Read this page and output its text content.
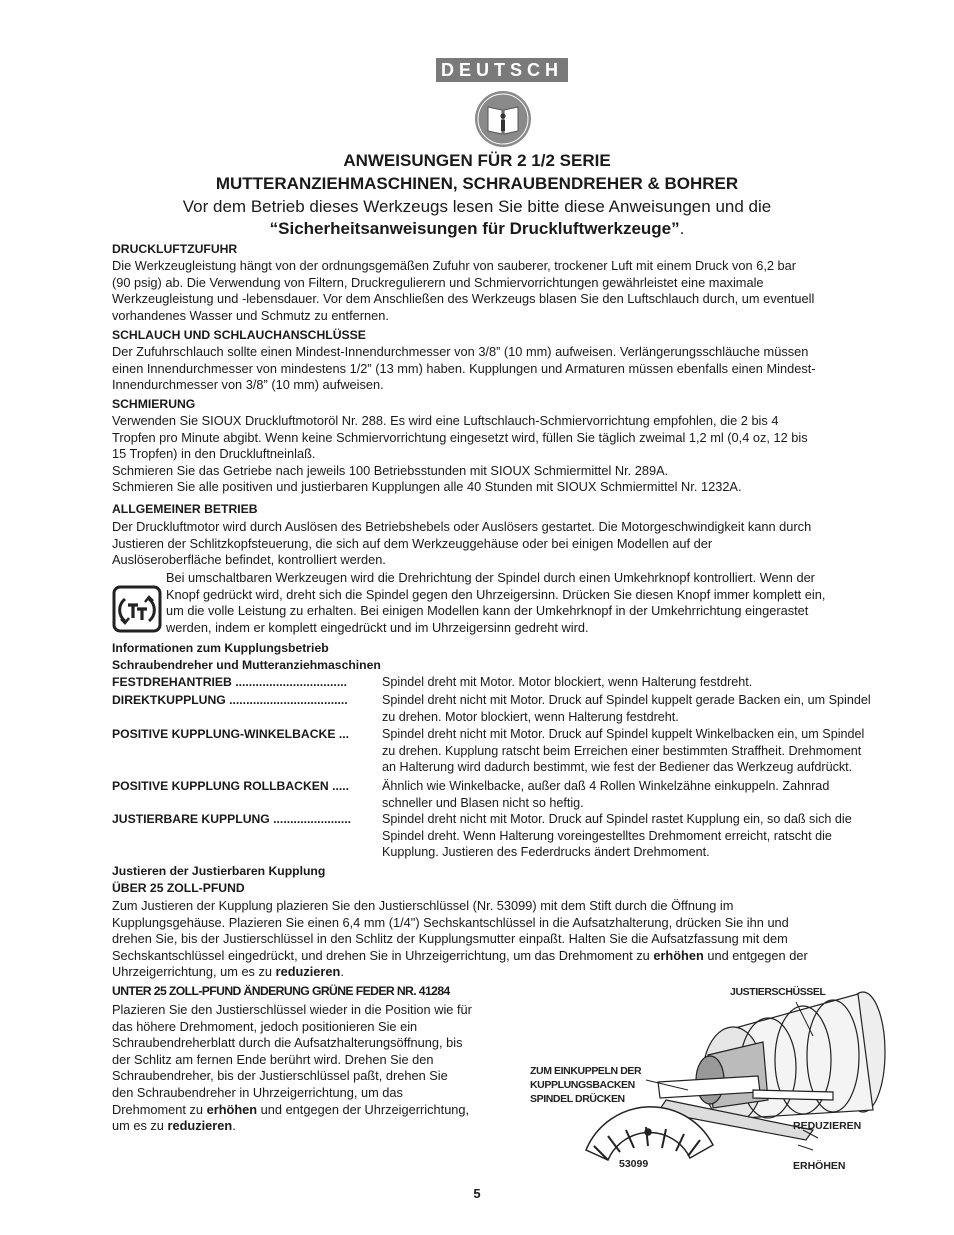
DEUTSCH
ANWEISUNGEN FÜR 2 1/2 SERIE
MUTTERANZIEHMASCHINEN, SCHRAUBENDREHER & BOHRER
Vor dem Betrieb dieses Werkzeugs lesen Sie bitte diese Anweisungen und die
“Sicherheitsanweisungen für Druckluftwerkzeuge”.
DRUCKLUFTZUFUHR
Die Werkzeugleistung hängt von der ordnungsgemäßen Zufuhr von sauberer, trockener Luft mit einem Druck von 6,2 bar
(90 psig) ab. Die Verwendung von Filtern, Druckregulierern und Schmiervorrichtungen gewährleistet eine maximale
Werkzeugleistung und -lebensdauer. Vor dem Anschließen des Werkzeugs blasen Sie den Luftschlauch durch, um eventuell
vorhandenes Wasser und Schmutz zu entfernen.
SCHLAUCH UND SCHLAUCHANSCHLÜSSE
Der Zufuhrschlauch sollte einen Mindest-Innendurchmesser von 3/8” (10 mm) aufweisen. Verlängerungsschläuche müssen
einen Innendurchmesser von mindestens 1/2” (13 mm) haben. Kupplungen und Armaturen müssen ebenfalls einen Mindest-
Innendurchmesser von 3/8” (10 mm) aufweisen.
SCHMIERUNG
Verwenden Sie SIOUX Druckluftmotoröl Nr. 288. Es wird eine Luftschlauch-Schmiervorrichtung empfohlen, die 2 bis 4
Tropfen pro Minute abgibt. Wenn keine Schmiervorrichtung eingesetzt wird, füllen Sie täglich zweimal 1,2 ml (0,4 oz, 12 bis
15 Tropfen) in den Druckluftneinlaß.
Schmieren Sie das Getriebe nach jeweils 100 Betriebsstunden mit SIOUX Schmiermittel Nr. 289A.
Schmieren Sie alle positiven und justierbaren Kupplungen alle 40 Stunden mit SIOUX Schmiermittel Nr. 1232A.
ALLGEMEINER BETRIEB
Der Druckluftmotor wird durch Auslösen des Betriebshebels oder Auslösers gestartet. Die Motorgeschwindigkeit kann durch
Justieren der Schlitzkopfsteuerung, die sich auf dem Werkzeuggehäuse oder bei einigen Modellen auf der
Auslöseroberfläche befindet, kontrolliert werden.
Bei umschaltbaren Werkzeugen wird die Drehrichtung der Spindel durch einen Umkehrknopf kontrolliert. Wenn der
Knopf gedrückt wird, dreht sich die Spindel gegen den Uhrzeigersinn. Drücken Sie diesen Knopf immer komplett ein,
um die volle Leistung zu erhalten. Bei einigen Modellen kann der Umkehrknopf in der Umkehrrichtung eingerastet
werden, indem er komplett eingedrückt und im Uhrzeigersinn gedreht wird.
Informationen zum Kupplungsbetrieb
Schraubendreher und Mutteranziehmaschinen
FESTDREHANTRIEB .................................	Spindel dreht mit Motor. Motor blockiert, wenn Halterung festdreht.
DIREKTKUPPLUNG ...................................	Spindel dreht nicht mit Motor. Druck auf Spindel kuppelt gerade Backen ein, um Spindel
zu drehen. Motor blockiert, wenn Halterung festdreht.
POSITIVE KUPPLUNG-WINKELBACKE ...	Spindel dreht nicht mit Motor. Druck auf Spindel kuppelt Winkelbacken ein, um Spindel
zu drehen. Kupplung ratscht beim Erreichen einer bestimmten Straffheit. Drehmoment
an Halterung wird dadurch bestimmt, wie fest der Bediener das Werkzeug aufdrückt.
POSITIVE KUPPLUNG ROLLBACKEN .....	Ähnlich wie Winkelbacke, außer daß 4 Rollen Winkelzähne einkuppeln. Zahnrad
schneller und Blasen nicht so heftig.
JUSTIERBARE KUPPLUNG .......................	Spindel dreht nicht mit Motor. Druck auf Spindel rastet Kupplung ein, so daß sich die
Spindel dreht. Wenn Halterung voreingestelltes Drehmoment erreicht, ratscht die
Kupplung. Justieren des Federdrucks ändert Drehmoment.
Justieren der Justierbaren Kupplung
ÜBER 25 ZOLL-PFUND
Zum Justieren der Kupplung plazieren Sie den Justierschlüssel (Nr. 53099) mit dem Stift durch die Öffnung im
Kupplungsgehäuse. Plazieren Sie einen 6,4 mm (1/4") Sechskantschlüssel in die Aufsatzhalterung, drücken Sie ihn und
drehen Sie, bis der Justierschlüssel in den Schlitz der Kupplungsmutter einpaßt. Halten Sie die Aufsatzfassung mit dem
Sechskantschlüssel eingedrückt, und drehen Sie in Uhrzeigerrichtung, um das Drehmoment zu erhöhen und entgegen der
Uhrzeigerrichtung, um es zu reduzieren.
UNTER 25 ZOLL-PFUND ÄNDERUNG GRÜNE FEDER NR. 41284
Plazieren Sie den Justierschlüssel wieder in die Position wie für
das höhere Drehmoment, jedoch positionieren Sie ein
Schraubendreherblatt durch die Aufsatzhalterungsöffnung, bis
der Schlitz am fernen Ende berührt wird. Drehen Sie den
Schraubendreher, bis der Justierschlüssel paßt, drehen Sie
den Schraubendreher in Uhrzeigerrichtung, um das
Drehmoment zu erhöhen und entgegen der Uhrzeigerrichtung,
um es zu reduzieren.
JUSTIERSCHÜSSEL
ZUM EINKUPPELN DER
KUPPLUNGSBACKEN
SPINDEL DRÜCKEN
REDUZIEREN
ERHÖHEN
53099
5
